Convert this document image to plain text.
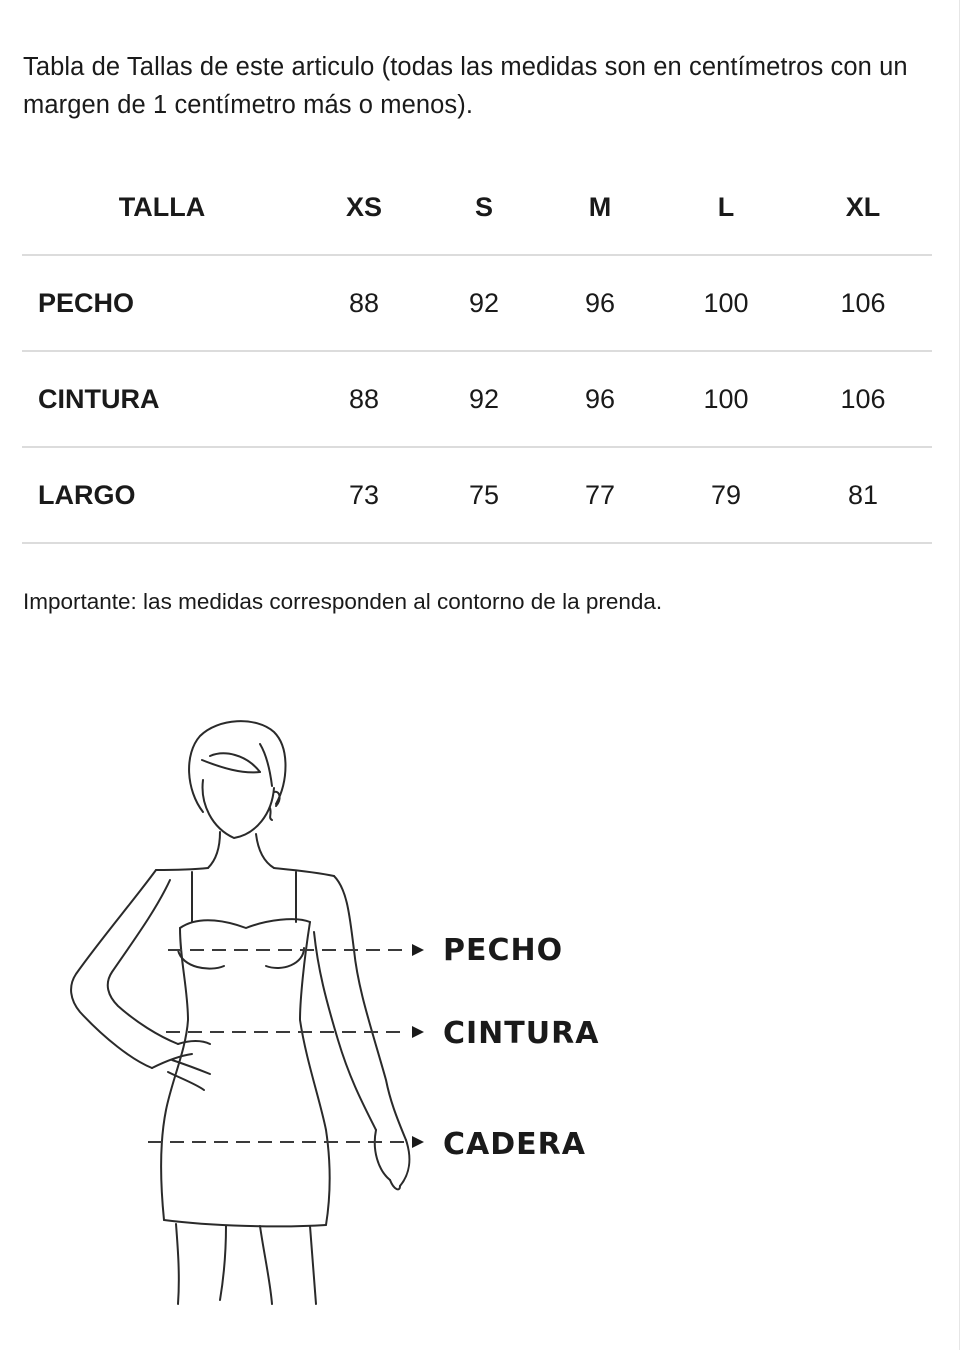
Tabla de Tallas de este articulo (todas las medidas son en centímetros con un margen de 1 centímetro más o menos).

TALLA	XS	S	M	L	XL
PECHO	88	92	96	100	106
CINTURA	88	92	96	100	106
LARGO	73	75	77	79	81

Importante: las medidas corresponden al contorno de la prenda.

PECHO
CINTURA
CADERA
